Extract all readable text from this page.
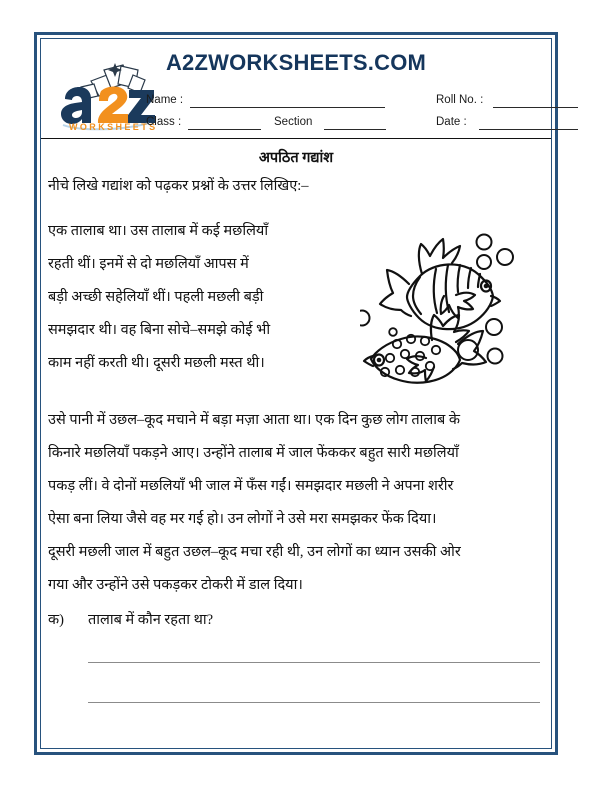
WORKSHEETS
A2ZWORKSHEETS.COM
Name :	Roll No. :
Class :	Section	Date :
अपठित गद्यांश
नीचे लिखे गद्यांश को पढ़कर प्रश्नों के उत्तर लिखिए:–
एक तालाब था। उस तालाब में कई मछलियाँ
रहती थीं। इनमें से दो मछलियाँ आपस में
बड़ी अच्छी सहेलियाँ थीं। पहली मछली बड़ी
समझदार थी। वह बिना सोचे–समझे कोई भी
काम नहीं करती थी। दूसरी मछली मस्त थी।
उसे पानी में उछल–कूद मचाने में बड़ा मज़ा आता था। एक दिन कुछ लोग तालाब के
किनारे मछलियाँ पकड़ने आए। उन्होंने तालाब में जाल फेंककर बहुत सारी मछलियाँ
पकड़ लीं। वे दोनों मछलियाँ भी जाल में फँस गईं। समझदार मछली ने अपना शरीर
ऐसा बना लिया जैसे वह मर गई हो। उन लोगों ने उसे मरा समझकर फेंक दिया।
दूसरी मछली जाल में बहुत उछल–कूद मचा रही थी, उन लोगों का ध्यान उसकी ओर
गया और उन्होंने उसे पकड़कर टोकरी में डाल दिया।
क) तालाब में कौन रहता था?
